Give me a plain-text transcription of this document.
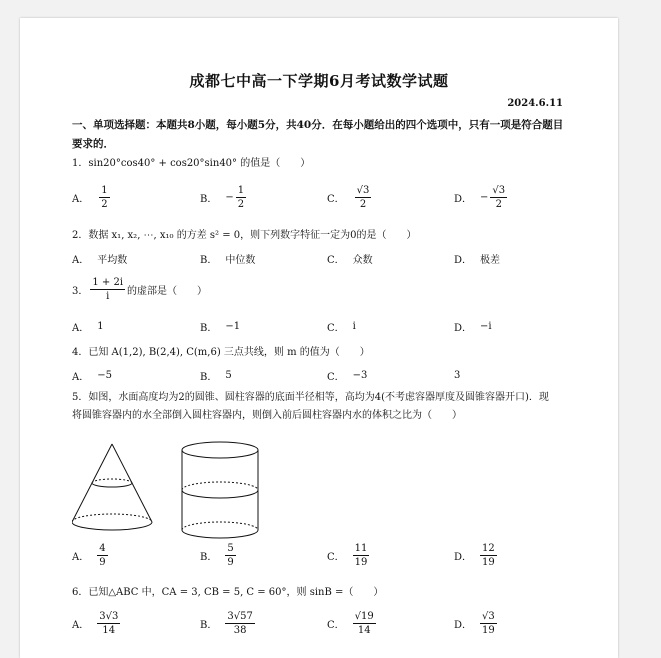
成都七中高一下学期6月考试数学试题
2024.6.11
一、单项选择题：本题共8小题，每小题5分，共40分．在每小题给出的四个选项中，只有一项是符合题目要求的．
1．sin20°cos40° + cos20°sin40° 的值是（　　）
A． $\frac{1}{2}$	B． − $\frac{1}{2}$	C． $\frac{√3}{2}$	D． − $\frac{√3}{2}$
2．数据 x₁, x₂, ⋯, x₁₀ 的方差 s² = 0，则下列数字特征一定为0的是（　　）
A． 平均数	B． 中位数	C． 众数	D． 极差
3． $\frac{1 + 2i}{i}$ 的虚部是（　　）
A． 1	B． −1	C． i	D． −i
4．已知 A(1,2), B(2,4), C(m,6) 三点共线，则 m 的值为（　　）
A． −5	B． 5	C． −3	3
5．如图，水面高度均为2的圆锥、圆柱容器的底面半径相等，高均为4(不考虑容器厚度及圆锥容器开口)．现
将圆锥容器内的水全部倒入圆柱容器内，则倒入前后圆柱容器内水的体积之比为（　　）
A． $\frac{4}{9}$	B． $\frac{5}{9}$	C． $\frac{11}{19}$	D． $\frac{12}{19}$
6．已知△ABC 中，CA = 3, CB = 5, C = 60°，则 sinB =（　　）
A． $\frac{3√3}{14}$	B． $\frac{3√57}{38}$	C． $\frac{√19}{14}$	D． $\frac{√3}{19}$
